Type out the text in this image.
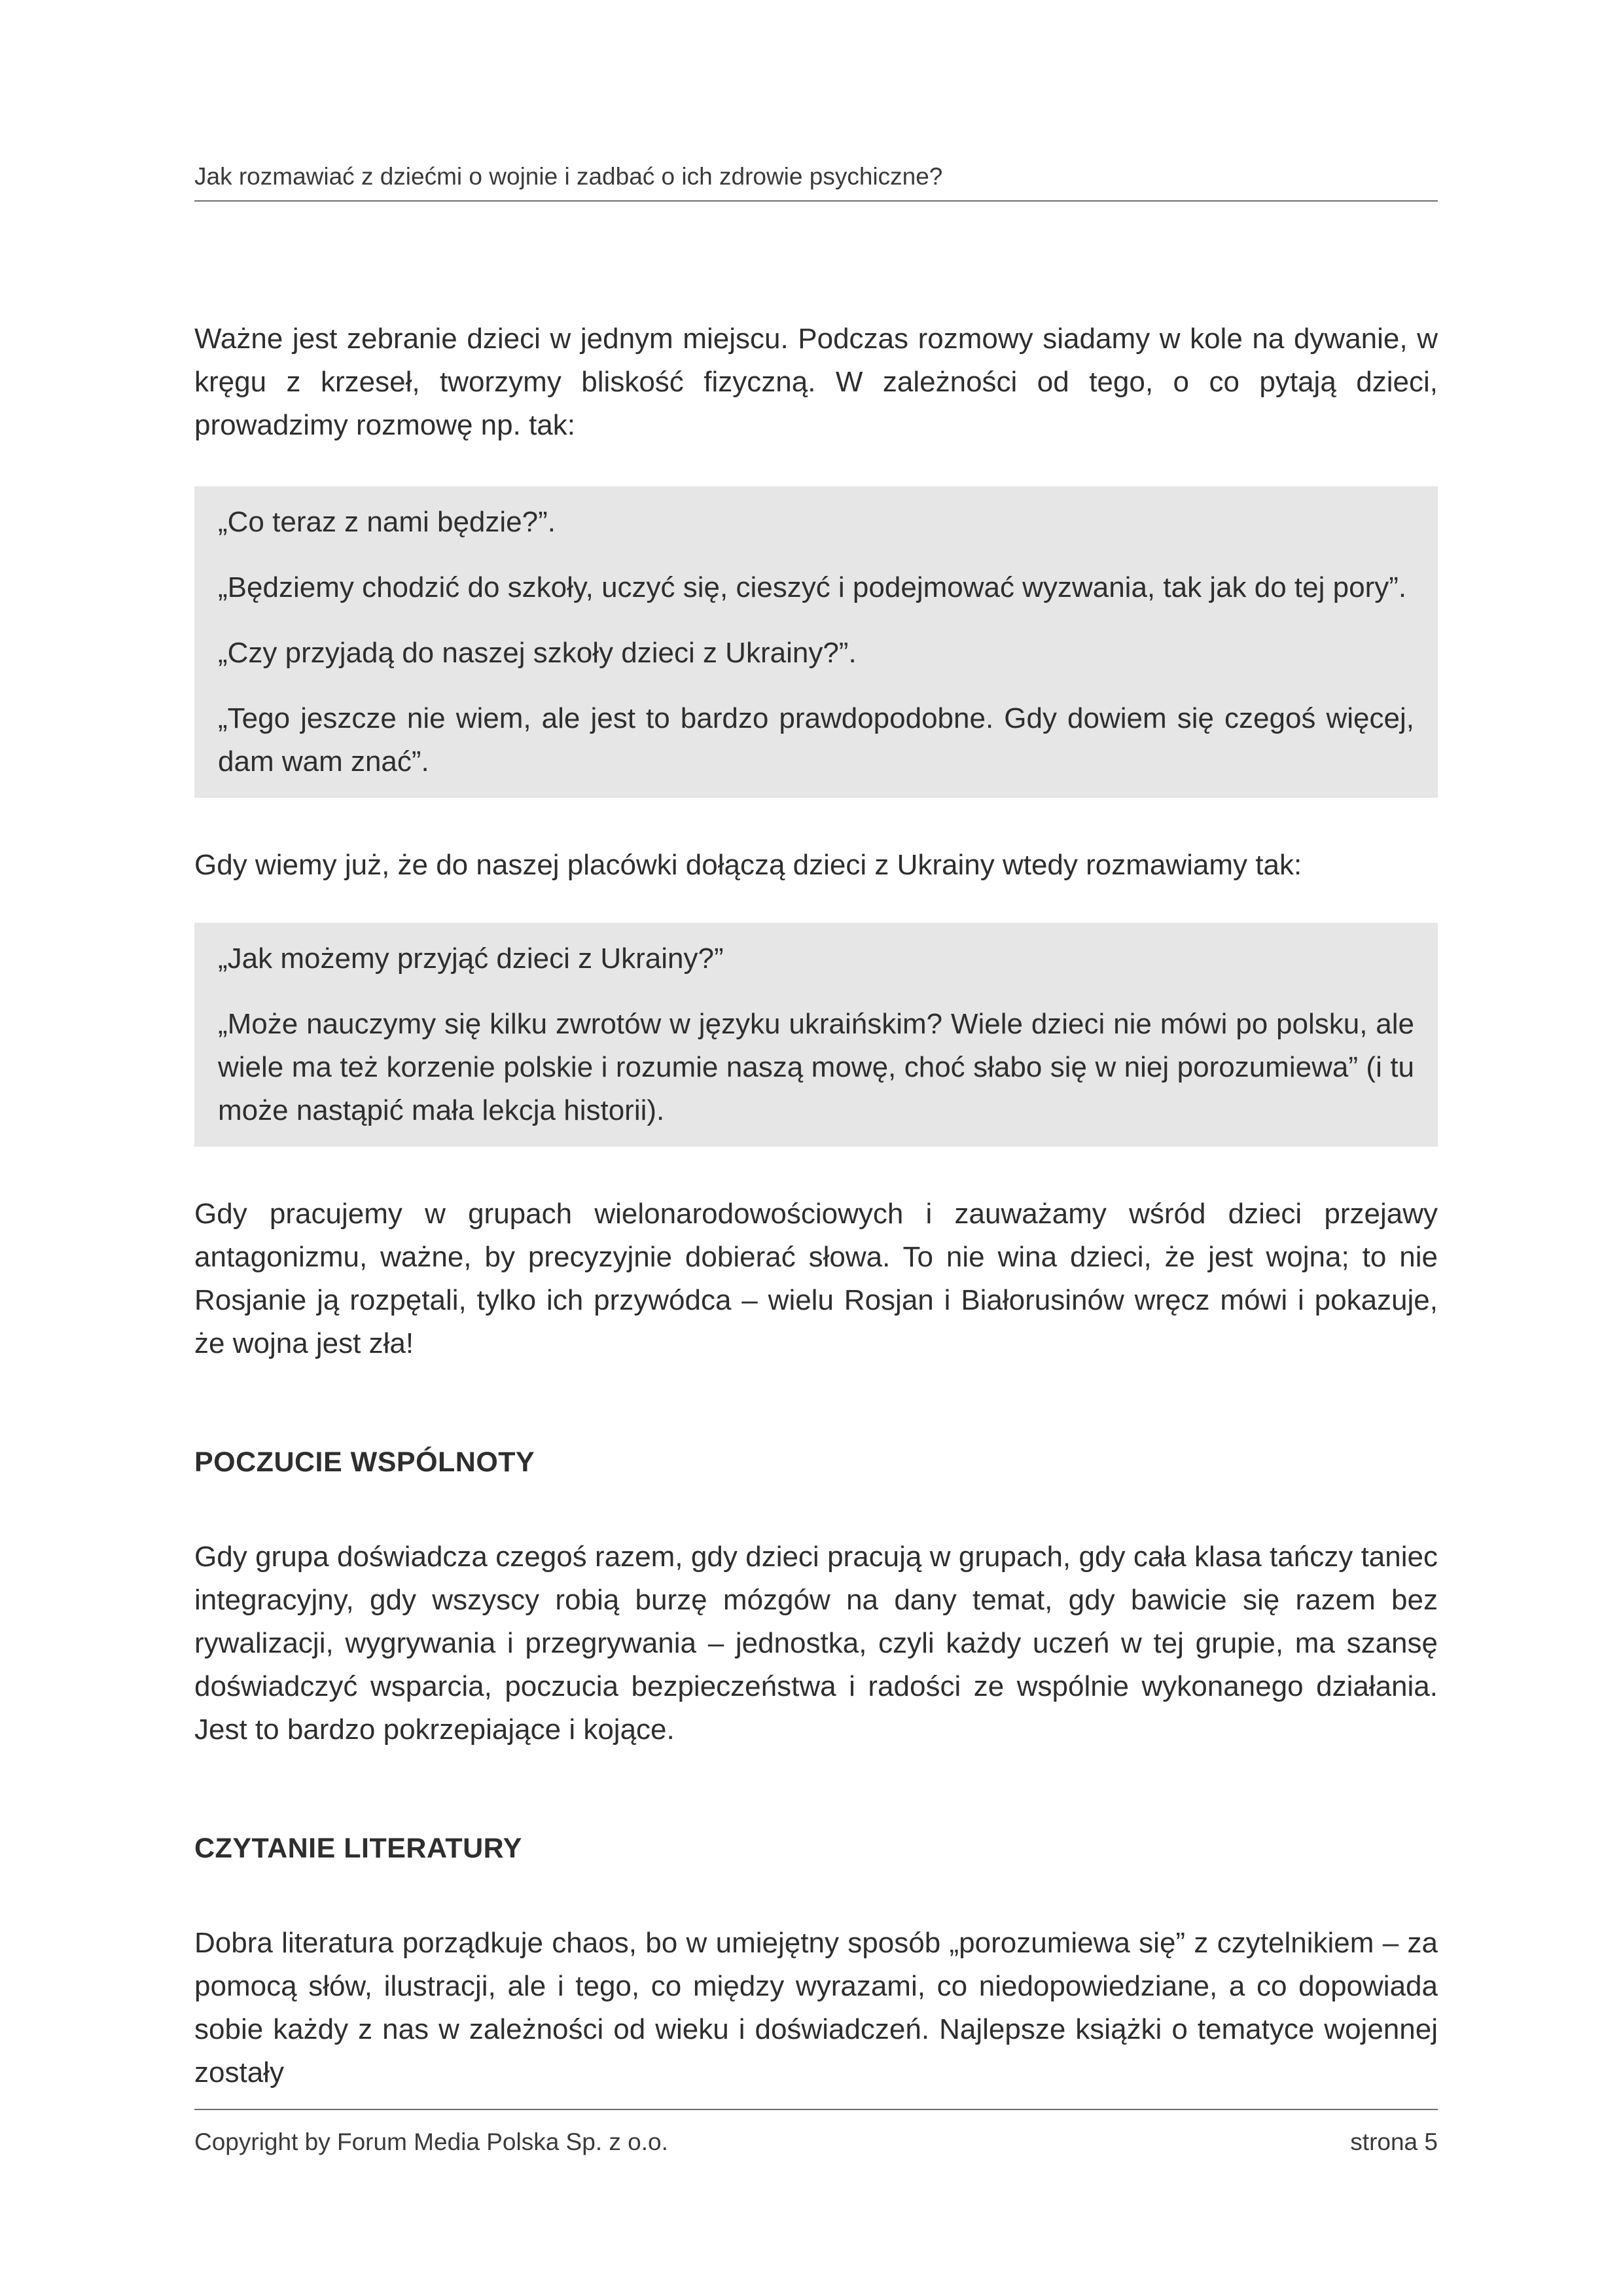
Jak rozmawiać z dziećmi o wojnie i zadbać o ich zdrowie psychiczne?

Ważne jest zebranie dzieci w jednym miejscu. Podczas rozmowy siadamy w kole na dywanie, w kręgu z krzeseł, tworzymy bliskość fizyczną. W zależności od tego, o co pytają dzieci, prowadzimy rozmowę np. tak:

„Co teraz z nami będzie?”.

„Będziemy chodzić do szkoły, uczyć się, cieszyć i podejmować wyzwania, tak jak do tej pory”.

„Czy przyjadą do naszej szkoły dzieci z Ukrainy?”.

„Tego jeszcze nie wiem, ale jest to bardzo prawdopodobne. Gdy dowiem się czegoś więcej, dam wam znać”.

Gdy wiemy już, że do naszej placówki dołączą dzieci z Ukrainy wtedy rozmawiamy tak:

„Jak możemy przyjąć dzieci z Ukrainy?”

„Może nauczymy się kilku zwrotów w języku ukraińskim? Wiele dzieci nie mówi po polsku, ale wiele ma też korzenie polskie i rozumie naszą mowę, choć słabo się w niej porozumiewa” (i tu może nastąpić mała lekcja historii).

Gdy pracujemy w grupach wielonarodowościowych i zauważamy wśród dzieci przejawy antagonizmu, ważne, by precyzyjnie dobierać słowa. To nie wina dzieci, że jest wojna; to nie Rosjanie ją rozpętali, tylko ich przywódca – wielu Rosjan i Białorusinów wręcz mówi i pokazuje, że wojna jest zła!

POCZUCIE WSPÓLNOTY

Gdy grupa doświadcza czegoś razem, gdy dzieci pracują w grupach, gdy cała klasa tańczy taniec integracyjny, gdy wszyscy robią burzę mózgów na dany temat, gdy bawicie się razem bez rywalizacji, wygrywania i przegrywania – jednostka, czyli każdy uczeń w tej grupie, ma szansę doświadczyć wsparcia, poczucia bezpieczeństwa i radości ze wspólnie wykonanego działania. Jest to bardzo pokrzepiające i kojące.

CZYTANIE LITERATURY

Dobra literatura porządkuje chaos, bo w umiejętny sposób „porozumiewa się” z czytelnikiem – za pomocą słów, ilustracji, ale i tego, co między wyrazami, co niedopowiedziane, a co dopowiada sobie każdy z nas w zależności od wieku i doświadczeń. Najlepsze książki o tematyce wojennej zostały

Copyright by Forum Media Polska Sp. z o.o.	strona 5
